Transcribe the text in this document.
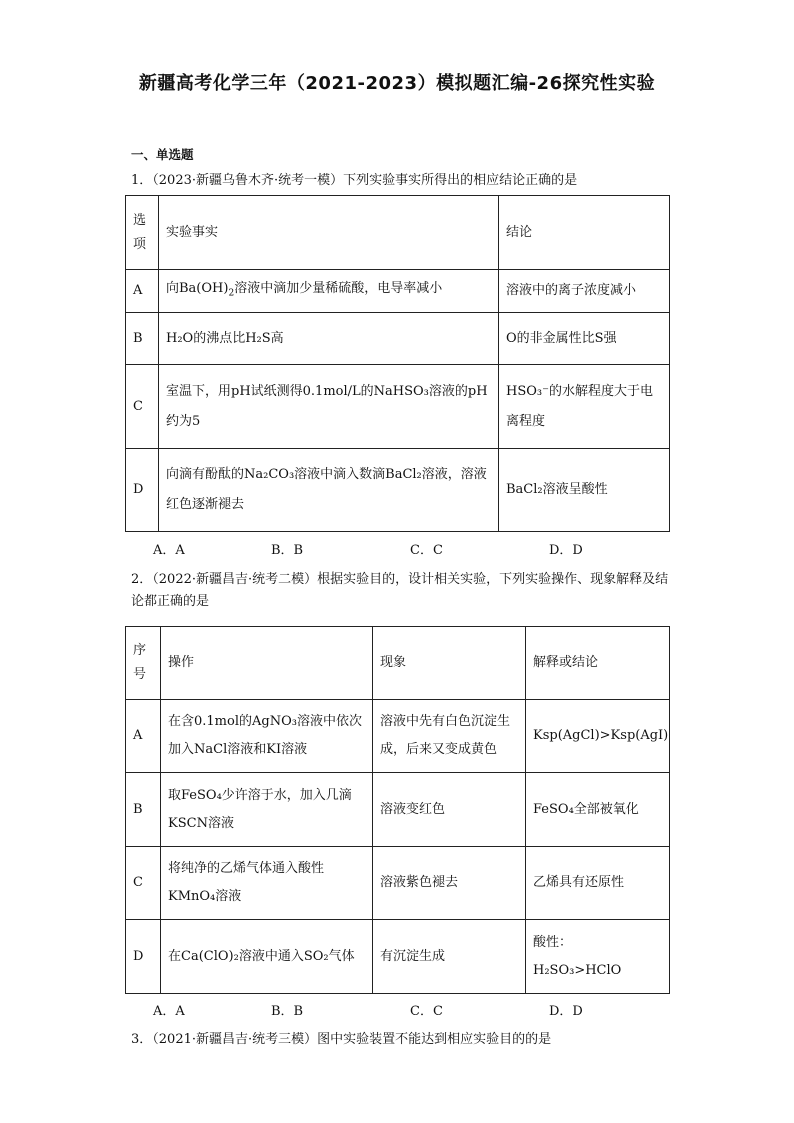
新疆高考化学三年（2021-2023）模拟题汇编-26探究性实验
一、单选题
1．（2023·新疆乌鲁木齐·统考一模）下列实验事实所得出的相应结论正确的是
选
项	实验事实	结论
A	向$Ba(OH)_2$溶液中滴加少量稀硫酸，电导率减小	溶液中的离子浓度减小
B	H₂O的沸点比H₂S高	O的非金属性比S强
C	室温下，用pH试纸测得0.1mol/L的NaHSO₃溶液的pH约为5	HSO₃⁻的水解程度大于电离程度
D	向滴有酚酞的Na₂CO₃溶液中滴入数滴BaCl₂溶液，溶液红色逐渐褪去	BaCl₂溶液呈酸性
A．A	B．B	C．C	D．D
2．（2022·新疆昌吉·统考二模）根据实验目的，设计相关实验，下列实验操作、现象解释及结论都正确的是
序
号	操作	现象	解释或结论
A	在含0.1mol的AgNO₃溶液中依次加入NaCl溶液和KI溶液	溶液中先有白色沉淀生成，后来又变成黄色	Ksp(AgCl)>Ksp(AgI)
B	取FeSO₄少许溶于水，加入几滴KSCN溶液	溶液变红色	FeSO₄全部被氧化
C	将纯净的乙烯气体通入酸性KMnO₄溶液	溶液紫色褪去	乙烯具有还原性
D	在Ca(ClO)₂溶液中通入SO₂气体	有沉淀生成	酸性： H₂SO₃>HClO
A．A	B．B	C．C	D．D
3．（2021·新疆昌吉·统考三模）图中实验装置不能达到相应实验目的的是
